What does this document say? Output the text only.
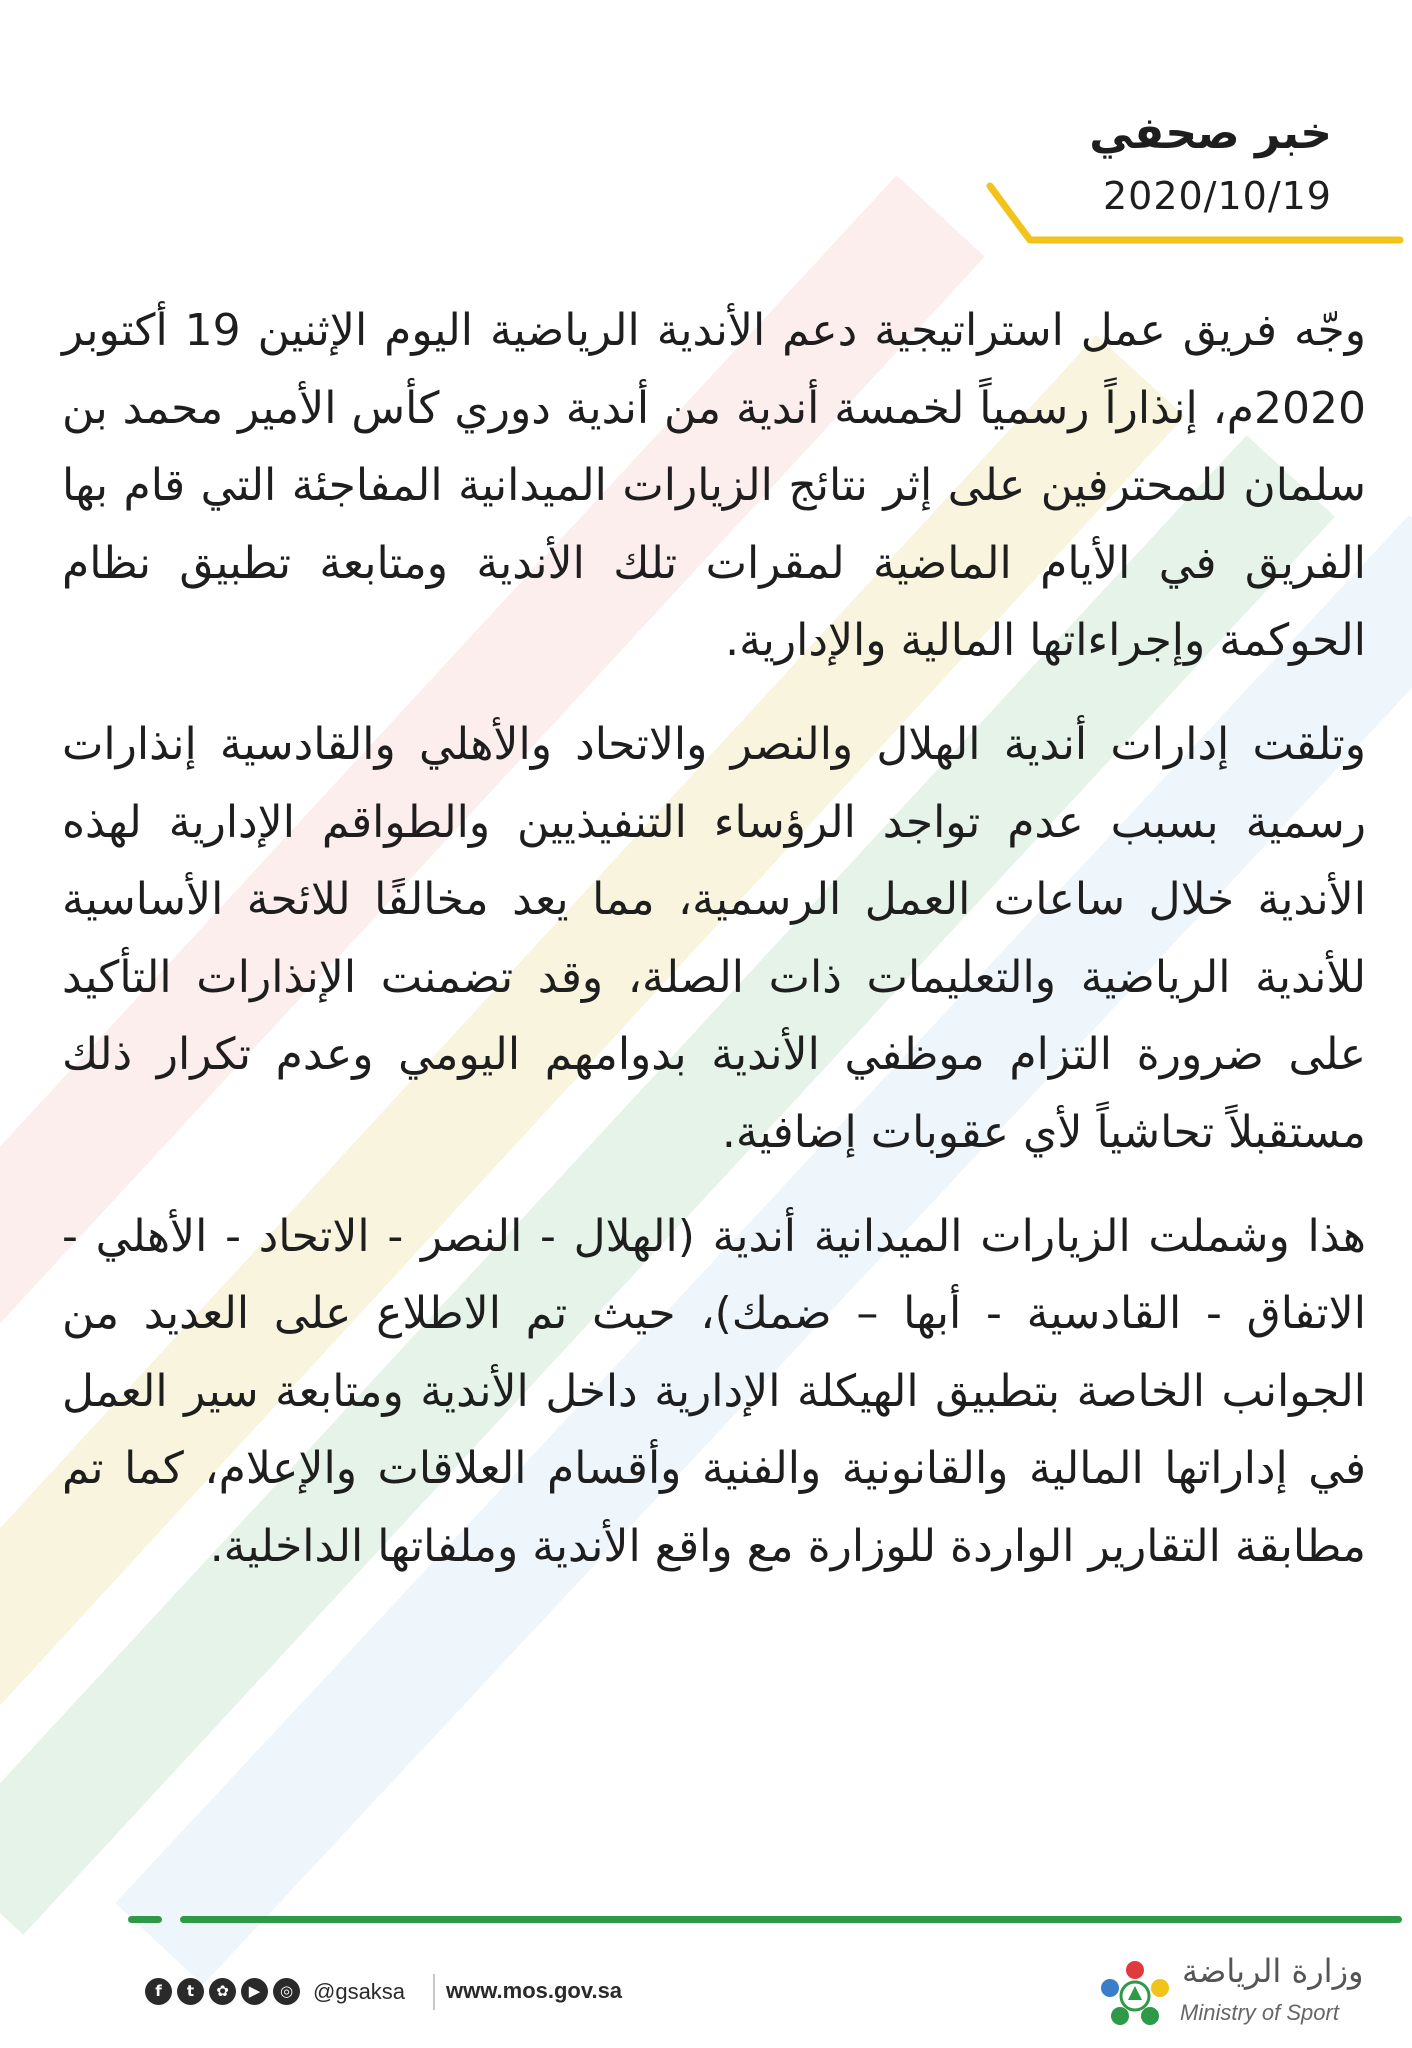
خبر صحفي
2020/10/19

وجّه فريق عمل استراتيجية دعم الأندية الرياضية اليوم الإثنين 19 أكتوبر 2020م، إنذاراً رسمياً لخمسة أندية من أندية دوري كأس الأمير محمد بن سلمان للمحترفين على إثر نتائج الزيارات الميدانية المفاجئة التي قام بها الفريق في الأيام الماضية لمقرات تلك الأندية ومتابعة تطبيق نظام الحوكمة وإجراءاتها المالية والإدارية.

وتلقت إدارات أندية الهلال والنصر والاتحاد والأهلي والقادسية إنذارات رسمية بسبب عدم تواجد الرؤساء التنفيذيين والطواقم الإدارية لهذه الأندية خلال ساعات العمل الرسمية، مما يعد مخالفًا للائحة الأساسية للأندية الرياضية والتعليمات ذات الصلة، وقد تضمنت الإنذارات التأكيد على ضرورة التزام موظفي الأندية بدوامهم اليومي وعدم تكرار ذلك مستقبلاً تحاشياً لأي عقوبات إضافية.

هذا وشملت الزيارات الميدانية أندية (الهلال - النصر - الاتحاد - الأهلي - الاتفاق - القادسية - أبها – ضمك)، حيث تم الاطلاع على العديد من الجوانب الخاصة بتطبيق الهيكلة الإدارية داخل الأندية ومتابعة سير العمل في إداراتها المالية والقانونية والفنية وأقسام العلاقات والإعلام، كما تم مطابقة التقارير الواردة للوزارة مع واقع الأندية وملفاتها الداخلية.

f	t	✿	▶	◎ @gsaksa www.mos.gov.sa
وزارة الرياضة
Ministry of Sport
